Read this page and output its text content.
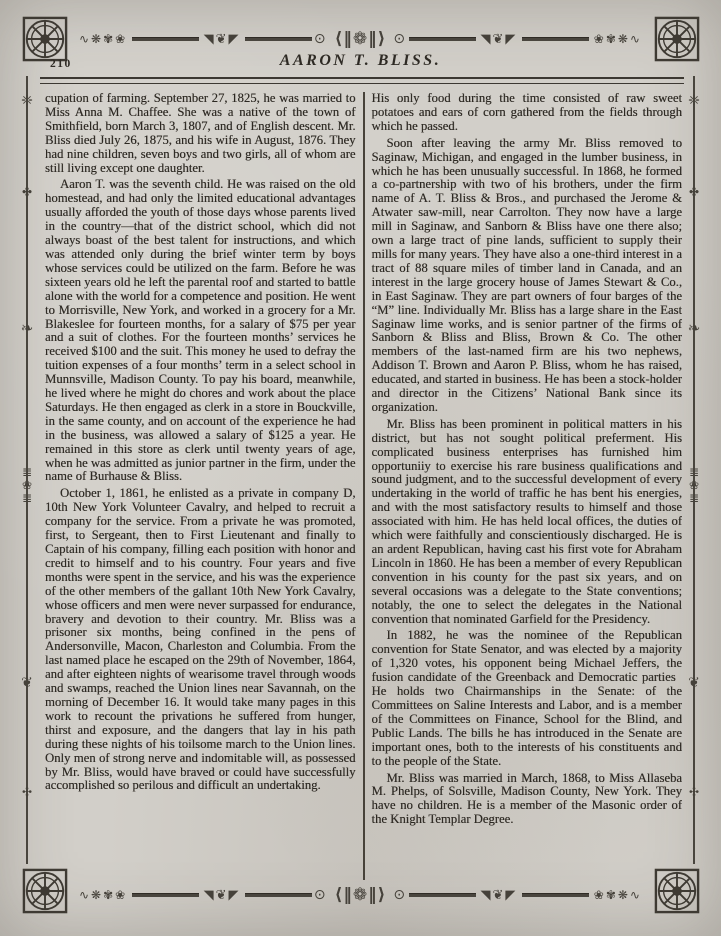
∿❋✾❀	◥❦◤	⊙ ⟨‖❁‖⟩ ⊙	◥❦◤	❀✾❋∿
❈
✤
❧
≣
❀
≣
❦
✣
❈
✤
❧
≣
❀
≣
❦
✣
210	AARON T. BLISS.

cupation of farming. September 27, 1825, he was married to Miss Anna M. Chaffee. She was a native of the town of Smithfield, born March 3, 1807, and of English descent. Mr. Bliss died July 26, 1875, and his wife in August, 1876. They had nine children, seven boys and two girls, all of whom are still living except one daughter.

Aaron T. was the seventh child. He was raised on the old homestead, and had only the limited educational advantages usually afforded the youth of those days whose parents lived in the country—that of the district school, which did not always boast of the best talent for instructions, and which was attended only during the brief winter term by boys whose services could be utilized on the farm. Before he was sixteen years old he left the parental roof and started to battle alone with the world for a competence and position. He went to Morrisville, New York, and worked in a grocery for a Mr. Blakeslee for fourteen months, for a salary of $75 per year and a suit of clothes. For the fourteen months’ services he received $100 and the suit. This money he used to defray the tuition expenses of a four months’ term in a select school in Munnsville, Madison County. To pay his board, meanwhile, he lived where he might do chores and work about the place Saturdays. He then engaged as clerk in a store in Bouckville, in the same county, and on account of the experience he had in the business, was allowed a salary of $125 a year. He remained in this store as clerk until twenty years of age, when he was admitted as junior partner in the firm, under the name of Burhause & Bliss.

October 1, 1861, he enlisted as a private in company D, 10th New York Volunteer Cavalry, and helped to recruit a company for the service. From a private he was promoted, first, to Sergeant, then to First Lieutenant and finally to Captain of his company, filling each position with honor and credit to himself and to his country. Four years and five months were spent in the service, and his was the experience of the other members of the gallant 10th New York Cavalry, whose officers and men were never surpassed for endurance, bravery and devotion to their country. Mr. Bliss was a prisoner six months, being confined in the pens of Andersonville, Macon, Charleston and Columbia. From the last named place he escaped on the 29th of November, 1864, and after eighteen nights of wearisome travel through woods and swamps, reached the Union lines near Savannah, on the morning of December 16. It would take many pages in this work to recount the privations he suffered from hunger, thirst and exposure, and the dangers that lay in his path during these nights of his toilsome march to the Union lines. Only men of strong nerve and indomitable will, as possessed by Mr. Bliss, would have braved or could have successfully accomplished so perilous and difficult an undertaking.

His only food during the time consisted of raw sweet potatoes and ears of corn gathered from the fields through which he passed.

Soon after leaving the army Mr. Bliss removed to Saginaw, Michigan, and engaged in the lumber business, in which he has been unusually successful. In 1868, he formed a co-partnership with two of his brothers, under the firm name of A. T. Bliss & Bros., and purchased the Jerome & Atwater saw-mill, near Carrolton. They now have a large mill in Saginaw, and Sanborn & Bliss have one there also; own a large tract of pine lands, sufficient to supply their mills for many years. They have also a one-third interest in a tract of 88 square miles of timber land in Canada, and an interest in the large grocery house of James Stewart & Co., in East Saginaw. They are part owners of four barges of the “M” line. Individually Mr. Bliss has a large share in the East Saginaw lime works, and is senior partner of the firms of Sanborn & Bliss and Bliss, Brown & Co. The other members of the last-named firm are his two nephews, Addison T. Brown and Aaron P. Bliss, whom he has raised, educated, and started in business. He has been a stock-holder and director in the Citizens’ National Bank since its organization.

Mr. Bliss has been prominent in political matters in his district, but has not sought political preferment. His complicated business enterprises has furnished him opportuniiy to exercise his rare business qualifications and sound judgment, and to the successful development of every undertaking in the world of traffic he has bent his energies, and with the most satisfactory results to himself and those associated with him. He has held local offices, the duties of which were faithfully and conscientiously discharged. He is an ardent Republican, having cast his first vote for Abraham Lincoln in 1860. He has been a member of every Republican convention in his county for the past six years, and on several occasions was a delegate to the State conventions; notably, the one to select the delegates in the National convention that nominated Garfield for the Presidency.

In 1882, he was the nominee of the Republican convention for State Senator, and was elected by a majority of 1,320 votes, his opponent being Michael Jeffers, the fusion candidate of the Greenback and Democratic parties  He holds two Chairmanships in the Senate: of the Committees on Saline Interests and Labor, and is a member of the Committees on Finance, School for the Blind, and Public Lands. The bills he has introduced in the Senate are important ones, both to the interests of his constituents and to the people of the State.

Mr. Bliss was married in March, 1868, to Miss Allaseba M. Phelps, of Solsville, Madison County, New York. They have no children. He is a member of the Masonic order of the Knight Templar Degree.

∿❋✾❀	◥❦◤	⊙ ⟨‖❁‖⟩ ⊙	◥❦◤	❀✾❋∿
